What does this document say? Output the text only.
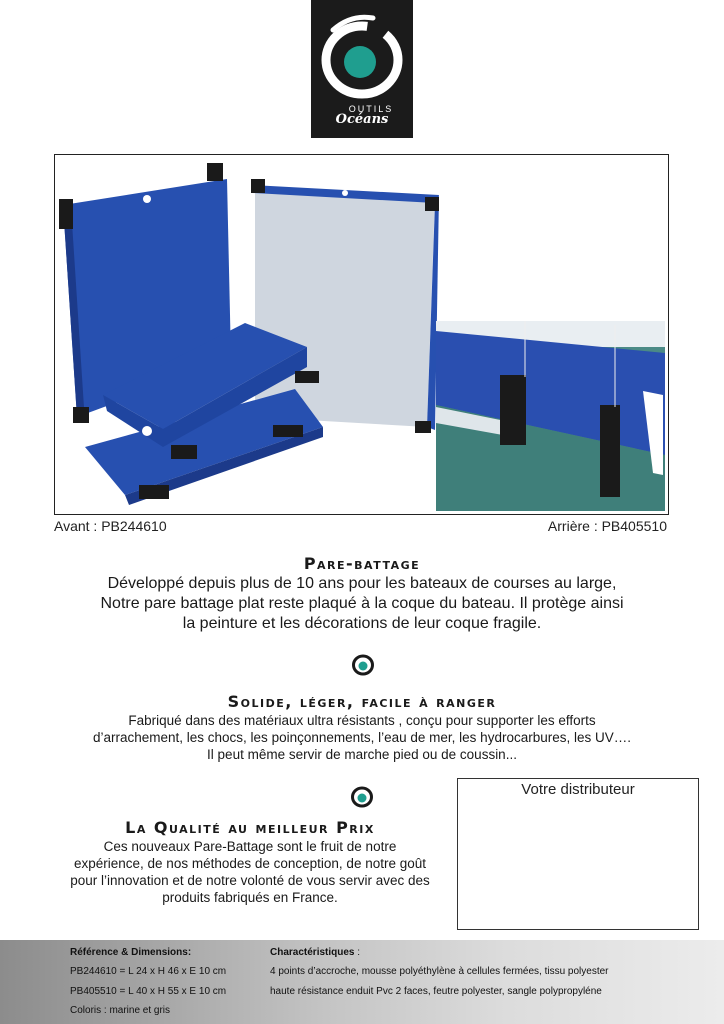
OUTILS
Océans
Avant : PB244610	Arrière : PB405510
Pare-battage
Développé depuis plus de 10 ans pour les bateaux de courses au large,
Notre pare battage plat reste plaqué à la coque du bateau. Il protège ainsi
la peinture et les décorations de leur coque fragile.
Solide, léger, facile à ranger
Fabriqué dans des matériaux ultra résistants , conçu pour supporter les efforts
d’arrachement, les chocs, les poinçonnements, l’eau de mer, les hydrocarbures, les UV….
Il peut même servir de marche pied ou de coussin...
La Qualité au meilleur Prix
Ces nouveaux Pare-Battage sont le fruit de notre
expérience, de nos méthodes de conception, de notre goût
pour l’innovation et de notre volonté de vous servir avec des
produits fabriqués en France.
Votre distributeur
Référence & Dimensions:
PB244610 = L 24 x H 46 x E 10 cm
PB405510 = L 40 x H 55 x E 10 cm
Coloris : marine et gris
Charactéristiques :
4 points d’accroche, mousse polyéthylène à cellules fermées, tissu polyester
haute résistance enduit Pvc 2 faces, feutre polyester, sangle polypropyléne
